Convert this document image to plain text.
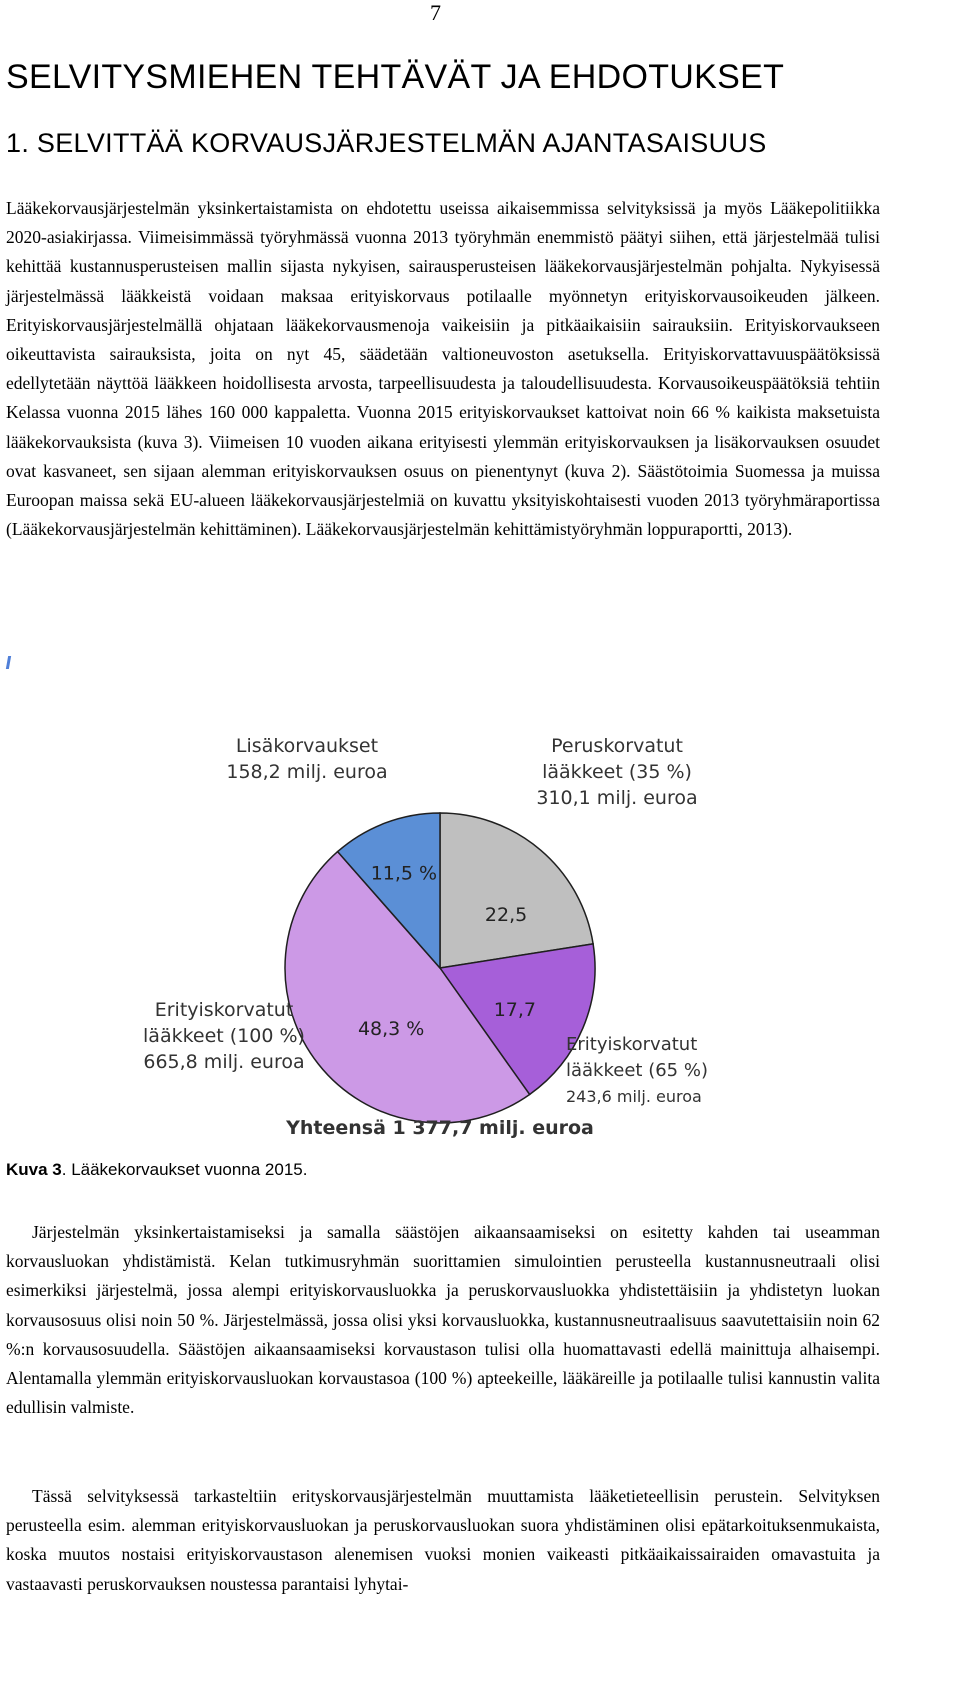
7
SELVITYSMIEHEN TEHTÄVÄT JA EHDOTUKSET
1. SELVITTÄÄ KORVAUSJÄRJESTELMÄN AJANTASAISUUS
Lääkekorvausjärjestelmän yksinkertaistamista on ehdotettu useissa aikaisemmissa selvityksissä ja myös Lääkepolitiikka 2020-asiakirjassa. Viimeisimmässä työryhmässä vuonna 2013 työryhmän enemmistö päätyi siihen, että järjestelmää tulisi kehittää kustannusperusteisen mallin sijasta nykyisen, sairausperusteisen lääkekorvausjärjestelmän pohjalta. Nykyisessä järjestelmässä lääkkeistä voidaan maksaa erityiskorvaus potilaalle myönnetyn erityiskorvausoikeuden jälkeen. Erityiskorvausjärjestelmällä ohjataan lääkekorvausmenoja vaikeisiin ja pitkäaikaisiin sairauksiin. Erityiskorvaukseen oikeuttavista sairauksista, joita on nyt 45, säädetään valtioneuvoston asetuksella. Erityiskorvattavuuspäätöksissä edellytetään näyttöä lääkkeen hoidollisesta arvosta, tarpeellisuudesta ja taloudellisuudesta. Korvausoikeuspäätöksiä tehtiin Kelassa vuonna 2015 lähes 160 000 kappaletta. Vuonna 2015 erityiskorvaukset kattoivat noin 66 % kaikista maksetuista lääkekorvauksista (kuva 3). Viimeisen 10 vuoden aikana erityisesti ylemmän erityiskorvauksen ja lisäkorvauksen osuudet ovat kasvaneet, sen sijaan alemman erityiskorvauksen osuus on pienentynyt (kuva 2). Säästötoimia Suomessa ja muissa Euroopan maissa sekä EU-alueen lääkekorvausjärjestelmiä on kuvattu yksityiskohtaisesti vuoden 2013 työryhmäraportissa (Lääkekorvausjärjestelmän kehittäminen). Lääkekorvausjärjestelmän kehittämistyöryhmän loppuraportti, 2013).
22,5
17,7
48,3 %
11,5 %
Peruskorvatut
lääkkeet (35 %)
310,1 milj. euroa
Erityiskorvatut
lääkkeet (65 %)
243,6 milj. euroa
Erityiskorvatut
lääkkeet (100 %)
665,8 milj. euroa
Lisäkorvaukset
158,2 milj. euroa
Yhteensä 1 377,7 milj. euroa
Kuva 3. Lääkekorvaukset vuonna 2015.
Järjestelmän yksinkertaistamiseksi ja samalla säästöjen aikaansaamiseksi on esitetty kahden tai useamman korvausluokan yhdistämistä. Kelan tutkimusryhmän suorittamien simulointien perusteella kustannusneutraali olisi esimerkiksi järjestelmä, jossa alempi erityiskorvausluokka ja peruskorvausluokka yhdistettäisiin ja yhdistetyn luokan korvausosuus olisi noin 50 %. Järjestelmässä, jossa olisi yksi korvausluokka, kustannusneutraalisuus saavutettaisiin noin 62 %:n korvausosuudella. Säästöjen aikaansaamiseksi korvaustason tulisi olla huomattavasti edellä mainittuja alhaisempi. Alentamalla ylemmän erityiskorvausluokan korvaustasoa (100 %) apteekeille, lääkäreille ja potilaalle tulisi kannustin valita edullisin valmiste.
Tässä selvityksessä tarkasteltiin erityskorvausjärjestelmän muuttamista lääketieteellisin perustein. Selvityksen perusteella esim. alemman erityiskorvausluokan ja peruskorvausluokan suora yhdistäminen olisi epätarkoituksenmukaista, koska muutos nostaisi erityiskorvaustason alenemisen vuoksi monien vaikeasti pitkäaikaissairaiden omavastuita ja vastaavasti peruskorvauksen noustessa parantaisi lyhytai-
